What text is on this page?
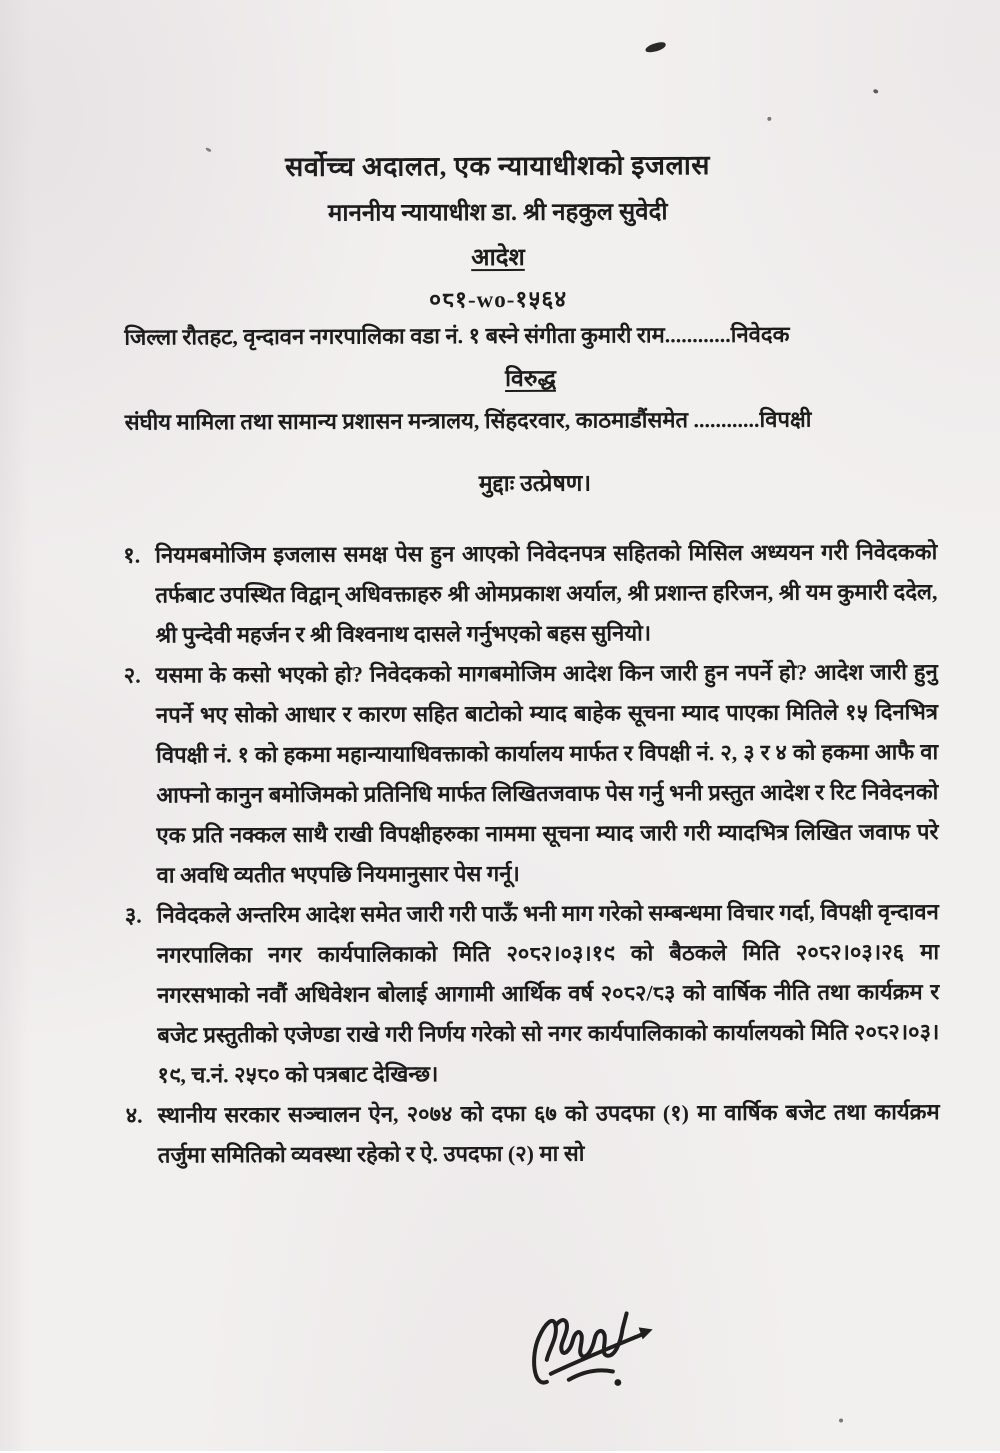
सर्वोच्च अदालत, एक न्यायाधीशको इजलास
माननीय न्यायाधीश डा. श्री नहकुल सुवेदी
आदेश
०८१-wo-१५६४
जिल्ला रौतहट, वृन्दावन नगरपालिका वडा नं. १ बस्ने संगीता कुमारी राम............निवेदक
विरुद्ध
संघीय मामिला तथा सामान्य प्रशासन मन्त्रालय, सिंहदरवार, काठमाडौंसमेत ............विपक्षी
मुद्दाः उत्प्रेषण।
१. नियमबमोजिम इजलास समक्ष पेस हुन आएको निवेदनपत्र सहितको मिसिल अध्ययन गरी निवेदकको तर्फबाट उपस्थित विद्वान् अधिवक्ताहरु श्री ओमप्रकाश अर्याल, श्री प्रशान्त हरिजन, श्री यम कुमारी ददेल, श्री पुन्देवी महर्जन र श्री विश्वनाथ दासले गर्नुभएको बहस सुनियो।
२. यसमा के कसो भएको हो? निवेदकको मागबमोजिम आदेश किन जारी हुन नपर्ने हो? आदेश जारी हुनु नपर्ने भए सोको आधार र कारण सहित बाटोको म्याद बाहेक सूचना म्याद पाएका मितिले १५ दिनभित्र विपक्षी नं. १ को हकमा महान्यायाधिवक्ताको कार्यालय मार्फत र विपक्षी नं. २, ३ र ४ को हकमा आफै वा आफ्नो कानुन बमोजिमको प्रतिनिधि मार्फत लिखितजवाफ पेस गर्नु भनी प्रस्तुत आदेश र रिट निवेदनको एक प्रति नक्कल साथै राखी विपक्षीहरुका नाममा सूचना म्याद जारी गरी म्यादभित्र लिखित जवाफ परे वा अवधि व्यतीत भएपछि नियमानुसार पेस गर्नू।
३. निवेदकले अन्तरिम आदेश समेत जारी गरी पाऊँ भनी माग गरेको सम्बन्धमा विचार गर्दा, विपक्षी वृन्दावन नगरपालिका नगर कार्यपालिकाको मिति २०८२।०३।१९ को बैठकले मिति २०८२।०३।२६ मा नगरसभाको नवौं अधिवेशन बोलाई आगामी आर्थिक वर्ष २०८२/८३ को वार्षिक नीति तथा कार्यक्रम र बजेट प्रस्तुतीको एजेण्डा राखे गरी निर्णय गरेको सो नगर कार्यपालिकाको कार्यालयको मिति २०८२।०३।१९, च.नं. २५८० को पत्रबाट देखिन्छ।
४. स्थानीय सरकार सञ्चालन ऐन, २०७४ को दफा ६७ को उपदफा (१) मा वार्षिक बजेट तथा कार्यक्रम तर्जुमा समितिको व्यवस्था रहेको र ऐ. उपदफा (२) मा सो
